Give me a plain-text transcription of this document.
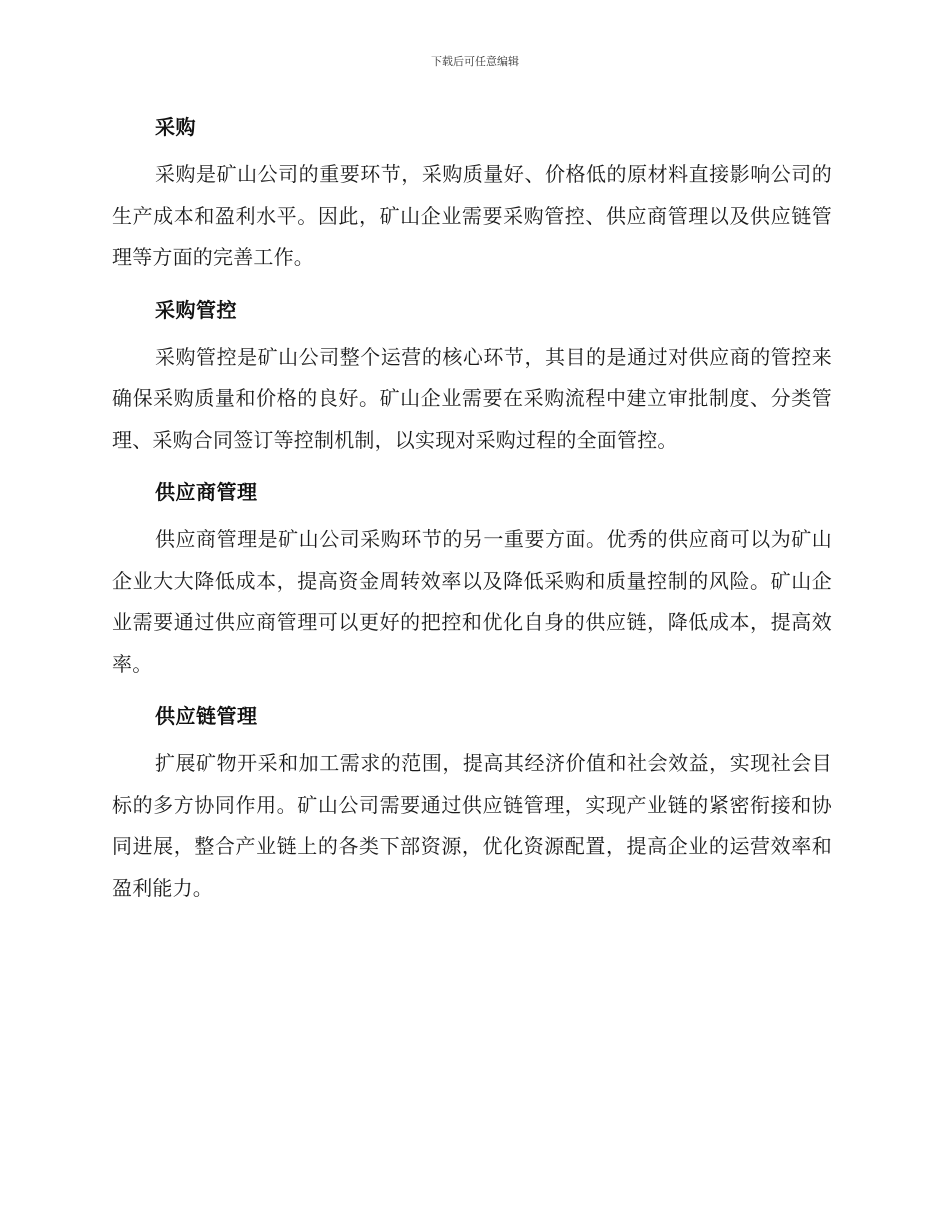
下载后可任意编辑
采购

采购是矿山公司的重要环节，采购质量好、价格低的原材料直接影响公司的生产成本和盈利水平。因此，矿山企业需要采购管控、供应商管理以及供应链管理等方面的完善工作。

采购管控

采购管控是矿山公司整个运营的核心环节，其目的是通过对供应商的管控来确保采购质量和价格的良好。矿山企业需要在采购流程中建立审批制度、分类管理、采购合同签订等控制机制，以实现对采购过程的全面管控。

供应商管理

供应商管理是矿山公司采购环节的另一重要方面。优秀的供应商可以为矿山企业大大降低成本，提高资金周转效率以及降低采购和质量控制的风险。矿山企业需要通过供应商管理可以更好的把控和优化自身的供应链，降低成本，提高效率。

供应链管理

扩展矿物开采和加工需求的范围，提高其经济价值和社会效益，实现社会目标的多方协同作用。矿山公司需要通过供应链管理，实现产业链的紧密衔接和协同进展，整合产业链上的各类下部资源，优化资源配置，提高企业的运营效率和盈利能力。
